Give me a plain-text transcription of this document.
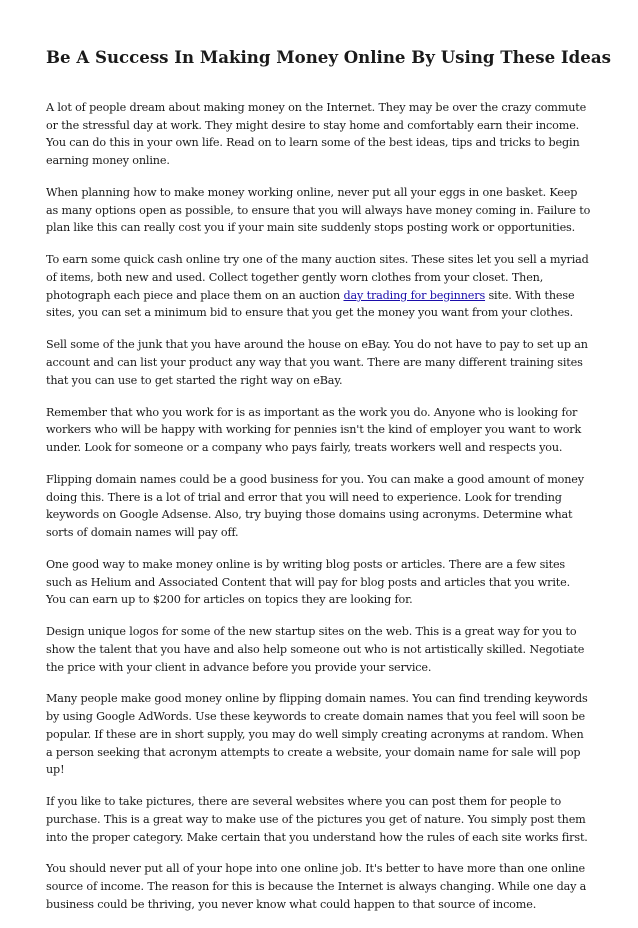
Be A Success In Making Money Online By Using These Ideas

A lot of people dream about making money on the Internet. They may be over the crazy commute or the stressful day at work. They might desire to stay home and comfortably earn their income. You can do this in your own life. Read on to learn some of the best ideas, tips and tricks to begin earning money online.

When planning how to make money working online, never put all your eggs in one basket. Keep as many options open as possible, to ensure that you will always have money coming in. Failure to plan like this can really cost you if your main site suddenly stops posting work or opportunities.

To earn some quick cash online try one of the many auction sites. These sites let you sell a myriad of items, both new and used. Collect together gently worn clothes from your closet. Then, photograph each piece and place them on an auction day trading for beginners site. With these sites, you can set a minimum bid to ensure that you get the money you want from your clothes.

Sell some of the junk that you have around the house on eBay. You do not have to pay to set up an account and can list your product any way that you want. There are many different training sites that you can use to get started the right way on eBay.

Remember that who you work for is as important as the work you do. Anyone who is looking for workers who will be happy with working for pennies isn't the kind of employer you want to work under. Look for someone or a company who pays fairly, treats workers well and respects you.

Flipping domain names could be a good business for you. You can make a good amount of money doing this. There is a lot of trial and error that you will need to experience. Look for trending keywords on Google Adsense. Also, try buying those domains using acronyms. Determine what sorts of domain names will pay off.

One good way to make money online is by writing blog posts or articles. There are a few sites such as Helium and Associated Content that will pay for blog posts and articles that you write. You can earn up to $200 for articles on topics they are looking for.

Design unique logos for some of the new startup sites on the web. This is a great way for you to show the talent that you have and also help someone out who is not artistically skilled. Negotiate the price with your client in advance before you provide your service.

Many people make good money online by flipping domain names. You can find trending keywords by using Google AdWords. Use these keywords to create domain names that you feel will soon be popular. If these are in short supply, you may do well simply creating acronyms at random. When a person seeking that acronym attempts to create a website, your domain name for sale will pop up!

If you like to take pictures, there are several websites where you can post them for people to purchase. This is a great way to make use of the pictures you get of nature. You simply post them into the proper category. Make certain that you understand how the rules of each site works first.

You should never put all of your hope into one online job. It's better to have more than one online source of income. The reason for this is because the Internet is always changing. While one day a business could be thriving, you never know what could happen to that source of income.
